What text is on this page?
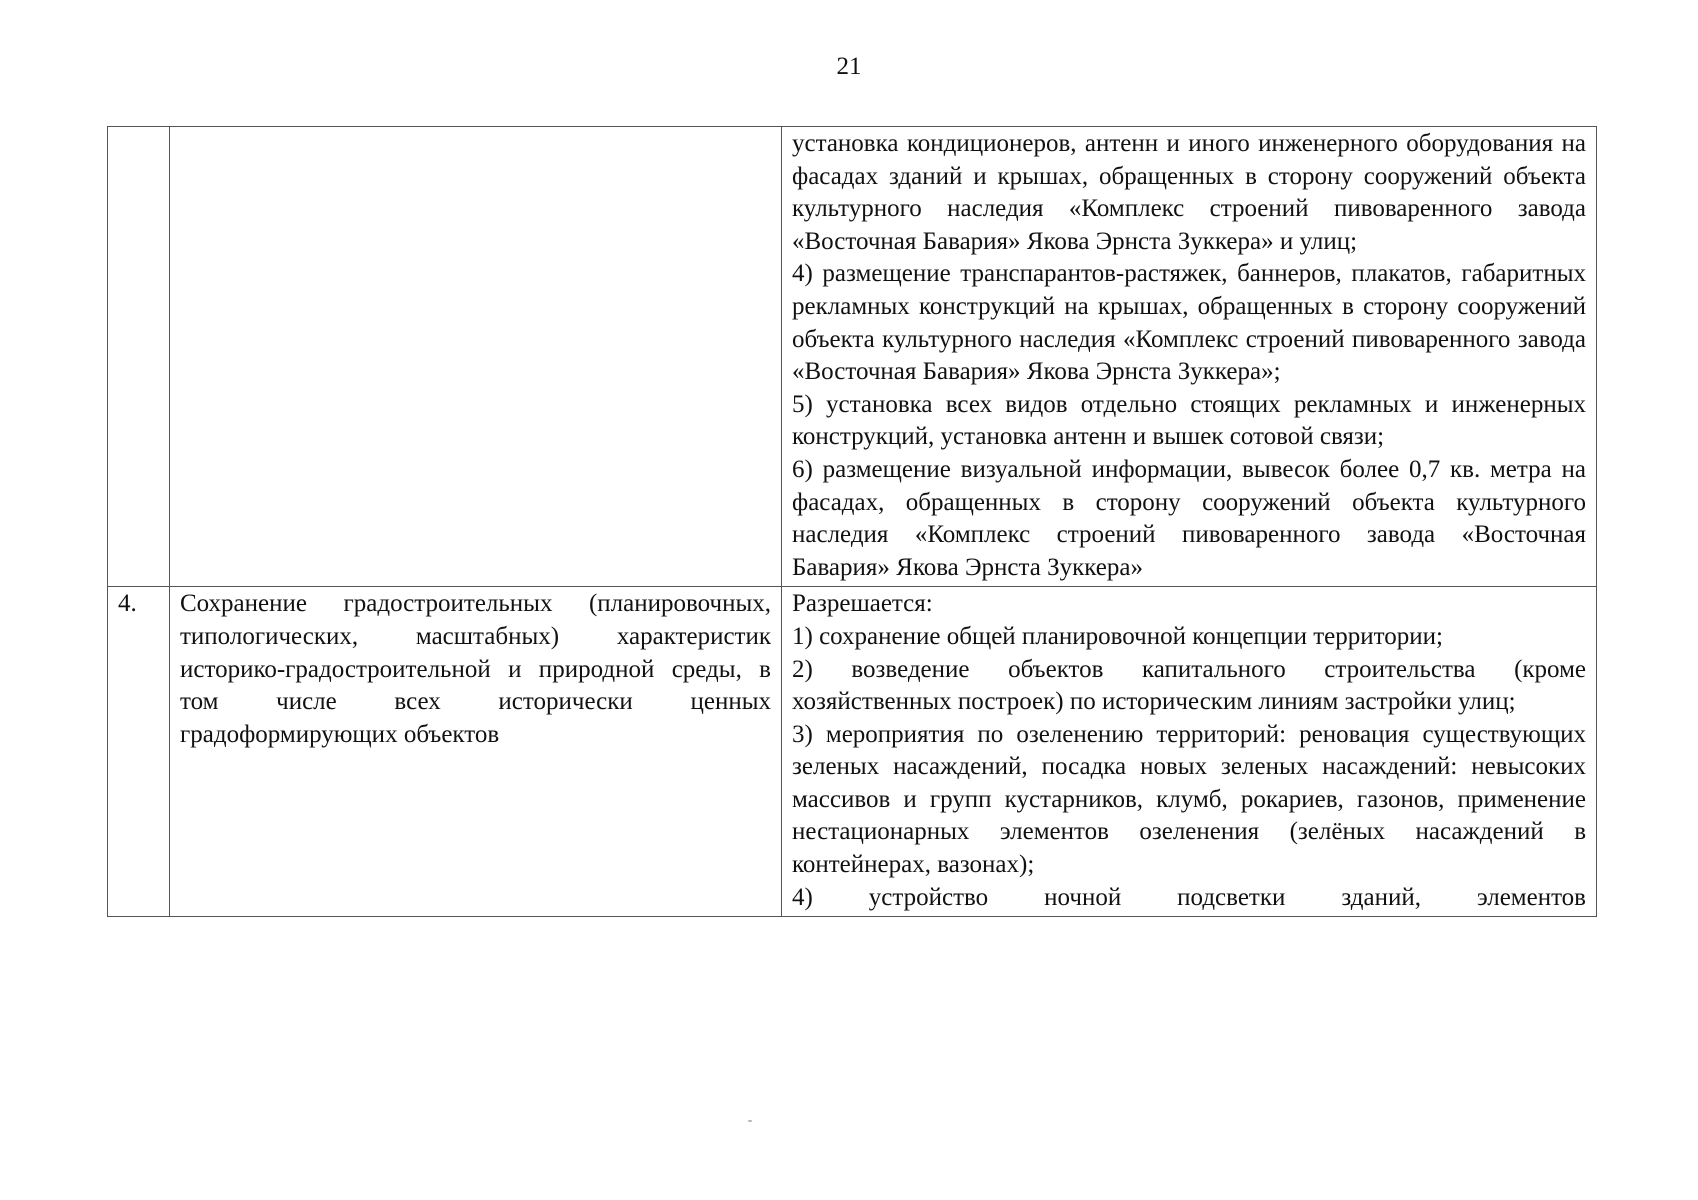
21

		установка кондиционеров, антенн и иного инженерного оборудования на фасадах зданий и крышах, обращенных в сторону сооружений объекта культурного наследия «Комплекс строений пивоваренного завода «Восточная Бавария» Якова Эрнста Зуккера» и улиц;

4) размещение транспарантов-растяжек, баннеров, плакатов, габаритных рекламных конструкций на крышах, обращенных в сторону сооружений объекта культурного наследия «Комплекс строений пивоваренного завода «Восточная Бавария» Якова Эрнста Зуккера»;

5) установка всех видов отдельно стоящих рекламных и инженерных конструкций, установка антенн и вышек сотовой связи;

6) размещение визуальной информации, вывесок более 0,7 кв. метра на фасадах, обращенных в сторону сооружений объекта культурного наследия «Комплекс строений пивоваренного завода «Восточная Бавария» Якова Эрнста Зуккера»

4.	Сохранение градостроительных (планировочных, типологических, масштабных) характеристик историко-градостроительной и природной среды, в том числе всех исторически ценных градоформирующих объектов	Разрешается:

1) сохранение общей планировочной концепции территории;

2) возведение объектов капитального строительства (кроме хозяйственных построек) по историческим линиям застройки улиц;

3) мероприятия по озеленению территорий: реновация существующих зеленых насаждений, посадка новых зеленых насаждений: невысоких массивов и групп кустарников, клумб, рокариев, газонов, применение нестационарных элементов озеленения (зелёных насаждений в контейнерах, вазонах);

4) устройство ночной подсветки зданий, элементов
